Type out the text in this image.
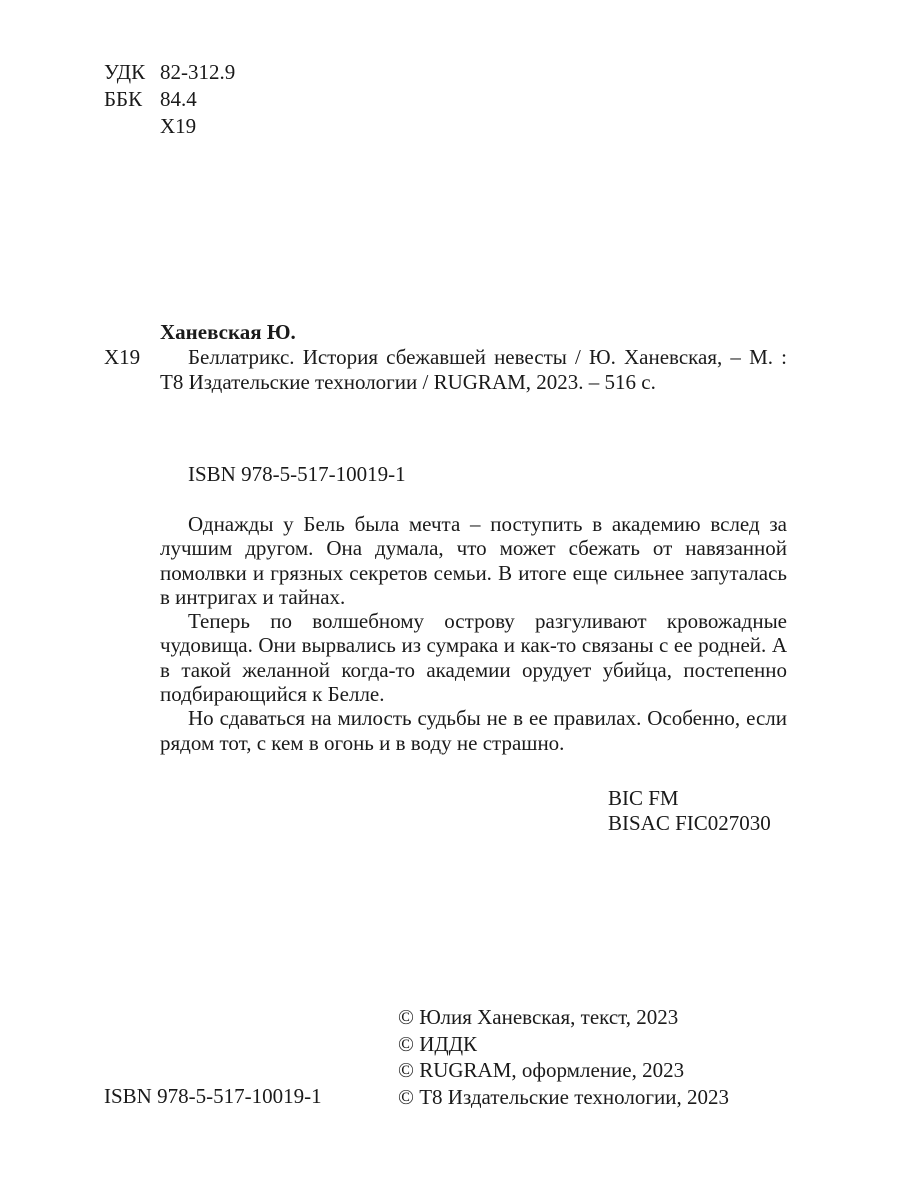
УДК 82-312.9
ББК 84.4
Х19
Ханевская Ю.
Х19	Беллатрикс. История сбежавшей невесты / Ю. Ханевская, – М. : Т8 Издательские технологии / RUGRAM, 2023. – 516 с.

ISBN 978-5-517-10019-1

Однажды у Бель была мечта – поступить в академию вслед за лучшим другом. Она думала, что может сбежать от навязанной помолвки и грязных секретов семьи. В итоге еще сильнее запуталась в интригах и тайнах.

Теперь по волшебному острову разгуливают кровожадные чудовища. Они вырвались из сумрака и как-то связаны с ее родней. А в такой желанной когда-то академии орудует убийца, постепенно подбирающийся к Белле.

Но сдаваться на милость судьбы не в ее правилах. Особенно, если рядом тот, с кем в огонь и в воду не страшно.

BIC FM
BISAC FIC027030
ISBN 978-5-517-10019-1
© Юлия Ханевская, текст, 2023
© ИДДК
© RUGRAM, оформление, 2023
© Т8 Издательские технологии, 2023
